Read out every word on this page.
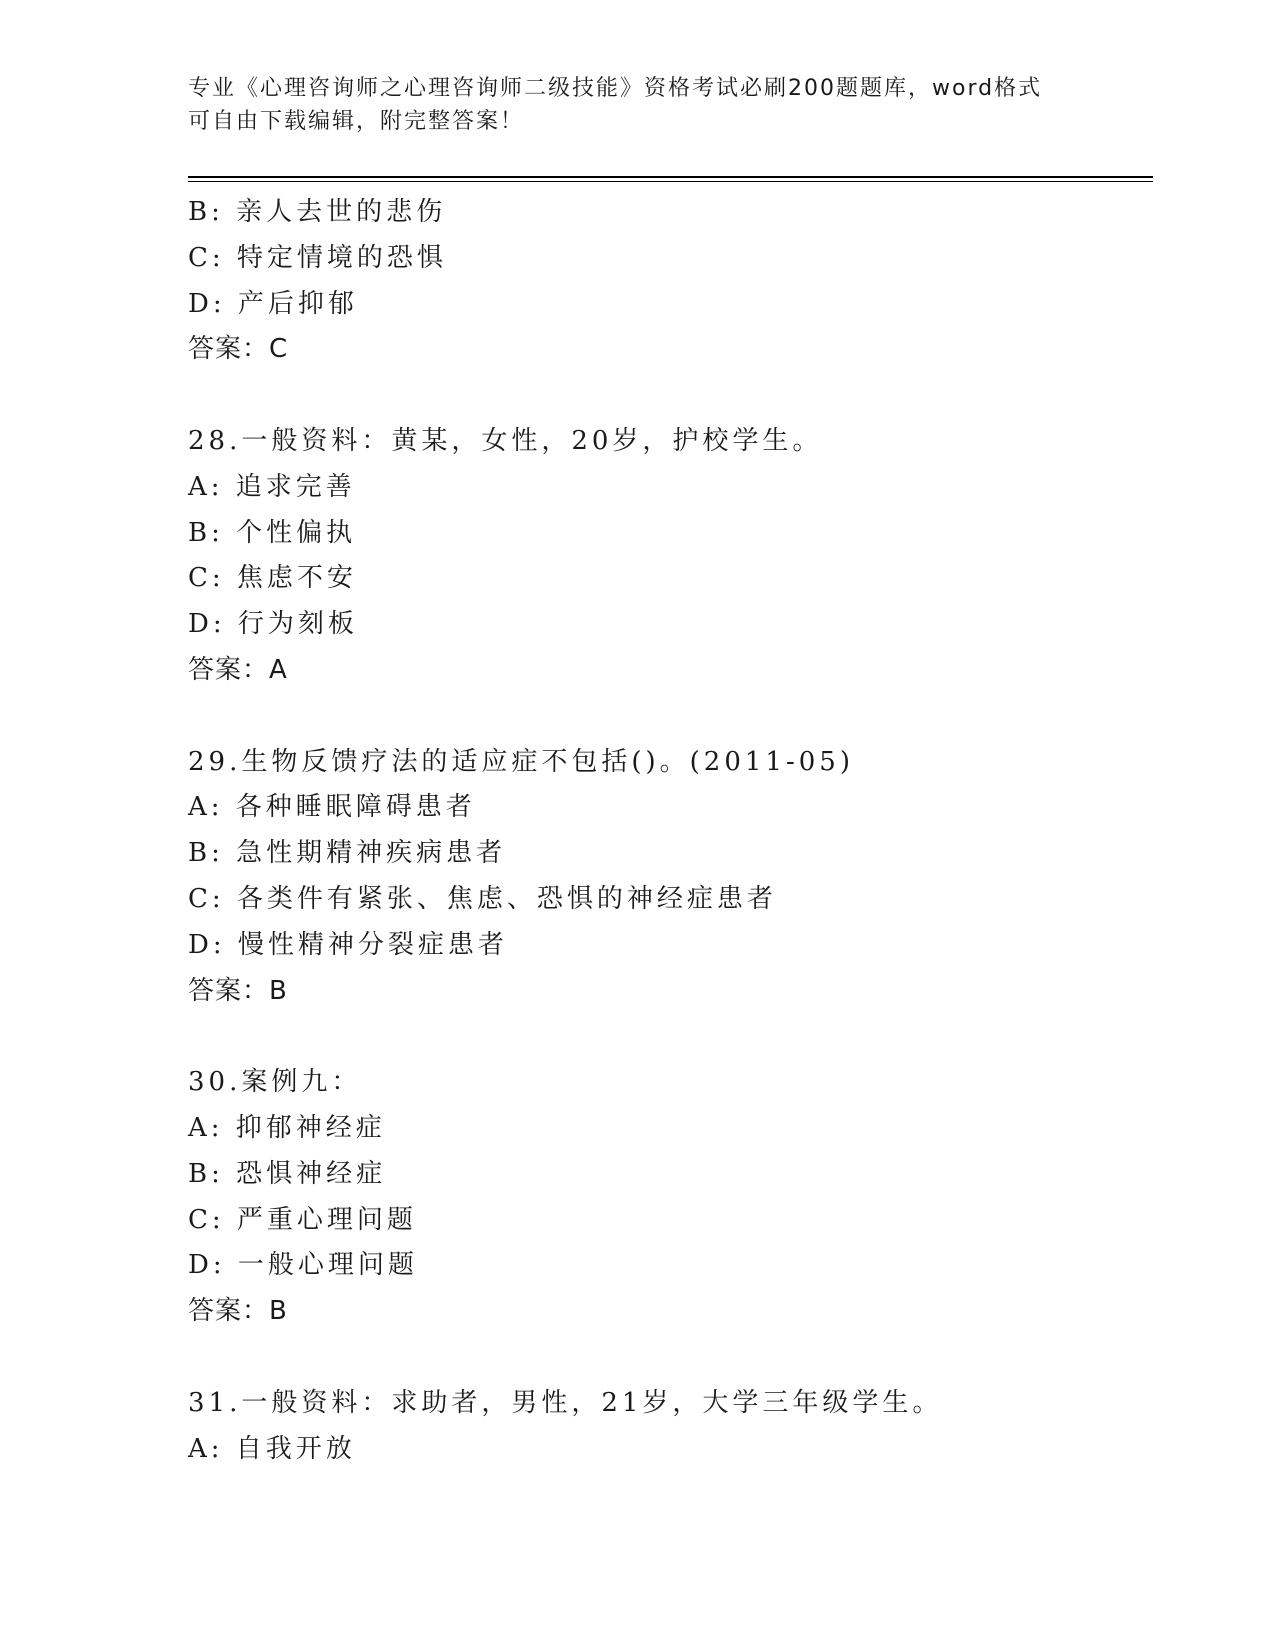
专业《心理咨询师之心理咨询师二级技能》资格考试必刷200题题库，word格式
可自由下载编辑，附完整答案！
B: 亲人去世的悲伤
C: 特定情境的恐惧
D: 产后抑郁
答案：C
28.一般资料：黄某，女性，20岁，护校学生。
A: 追求完善
B: 个性偏执
C: 焦虑不安
D: 行为刻板
答案：A
29.生物反馈疗法的适应症不包括()。(2011-05)
A: 各种睡眠障碍患者
B: 急性期精神疾病患者
C: 各类件有紧张、焦虑、恐惧的神经症患者
D: 慢性精神分裂症患者
答案：B
30.案例九：
A: 抑郁神经症
B: 恐惧神经症
C: 严重心理问题
D: 一般心理问题
答案：B
31.一般资料：求助者，男性，21岁，大学三年级学生。
A: 自我开放
